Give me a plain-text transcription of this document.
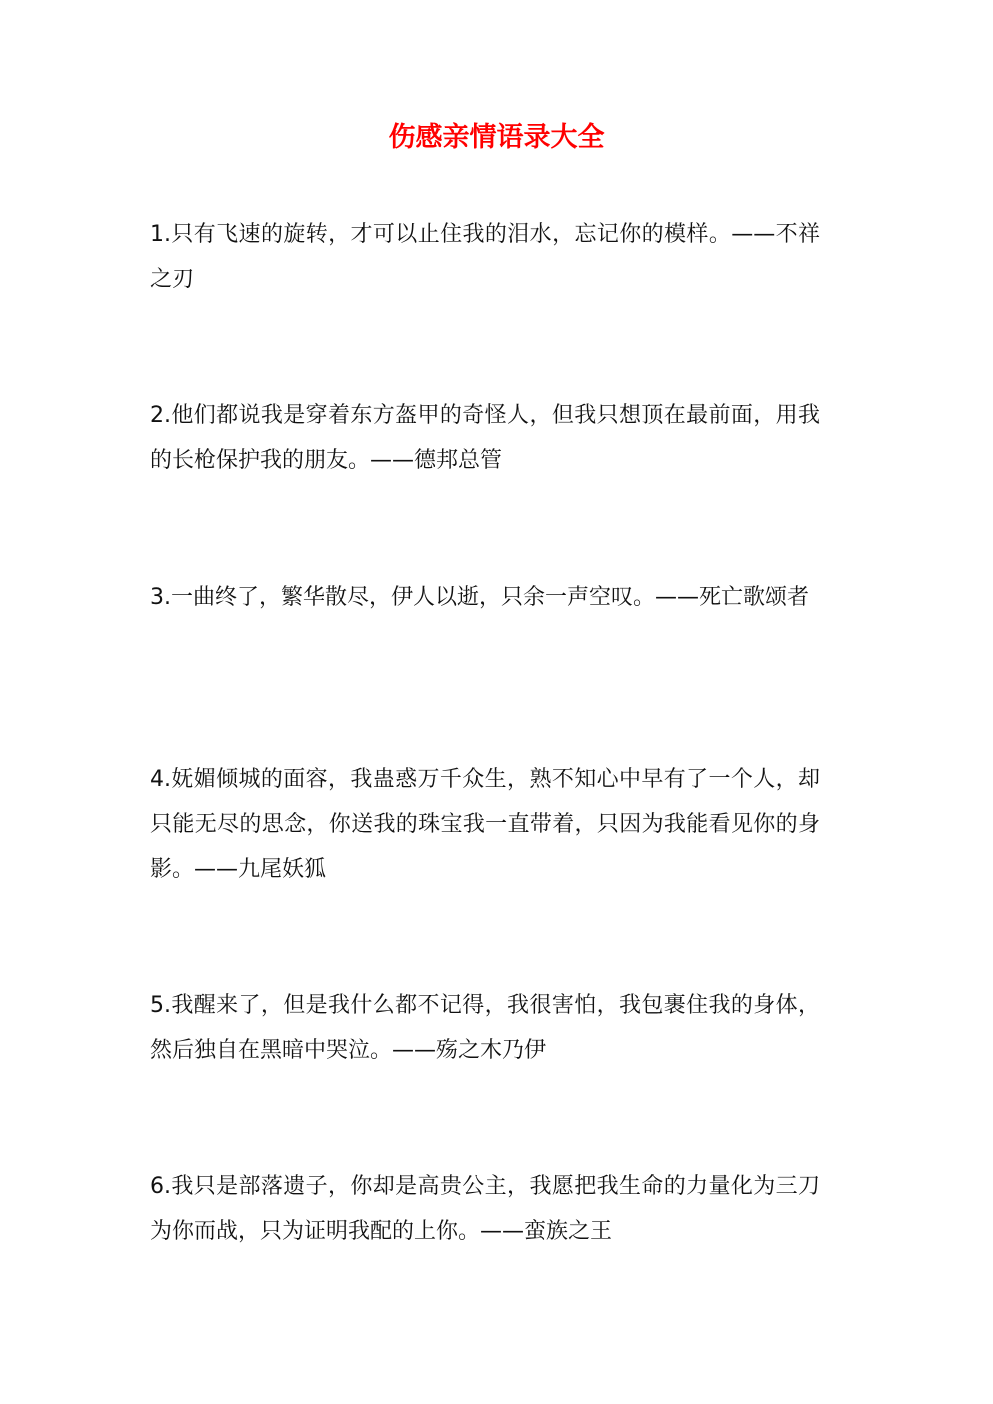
伤感亲情语录大全

1.只有飞速的旋转，才可以止住我的泪水，忘记你的模样。——不祥之刃

2.他们都说我是穿着东方盔甲的奇怪人，但我只想顶在最前面，用我的长枪保护我的朋友。——德邦总管

3.一曲终了，繁华散尽，伊人以逝，只余一声空叹。——死亡歌颂者

4.妩媚倾城的面容，我蛊惑万千众生，熟不知心中早有了一个人，却只能无尽的思念，你送我的珠宝我一直带着，只因为我能看见你的身影。——九尾妖狐

5.我醒来了，但是我什么都不记得，我很害怕，我包裹住我的身体，然后独自在黑暗中哭泣。——殇之木乃伊

6.我只是部落遗子，你却是高贵公主，我愿把我生命的力量化为三刀为你而战，只为证明我配的上你。——蛮族之王
